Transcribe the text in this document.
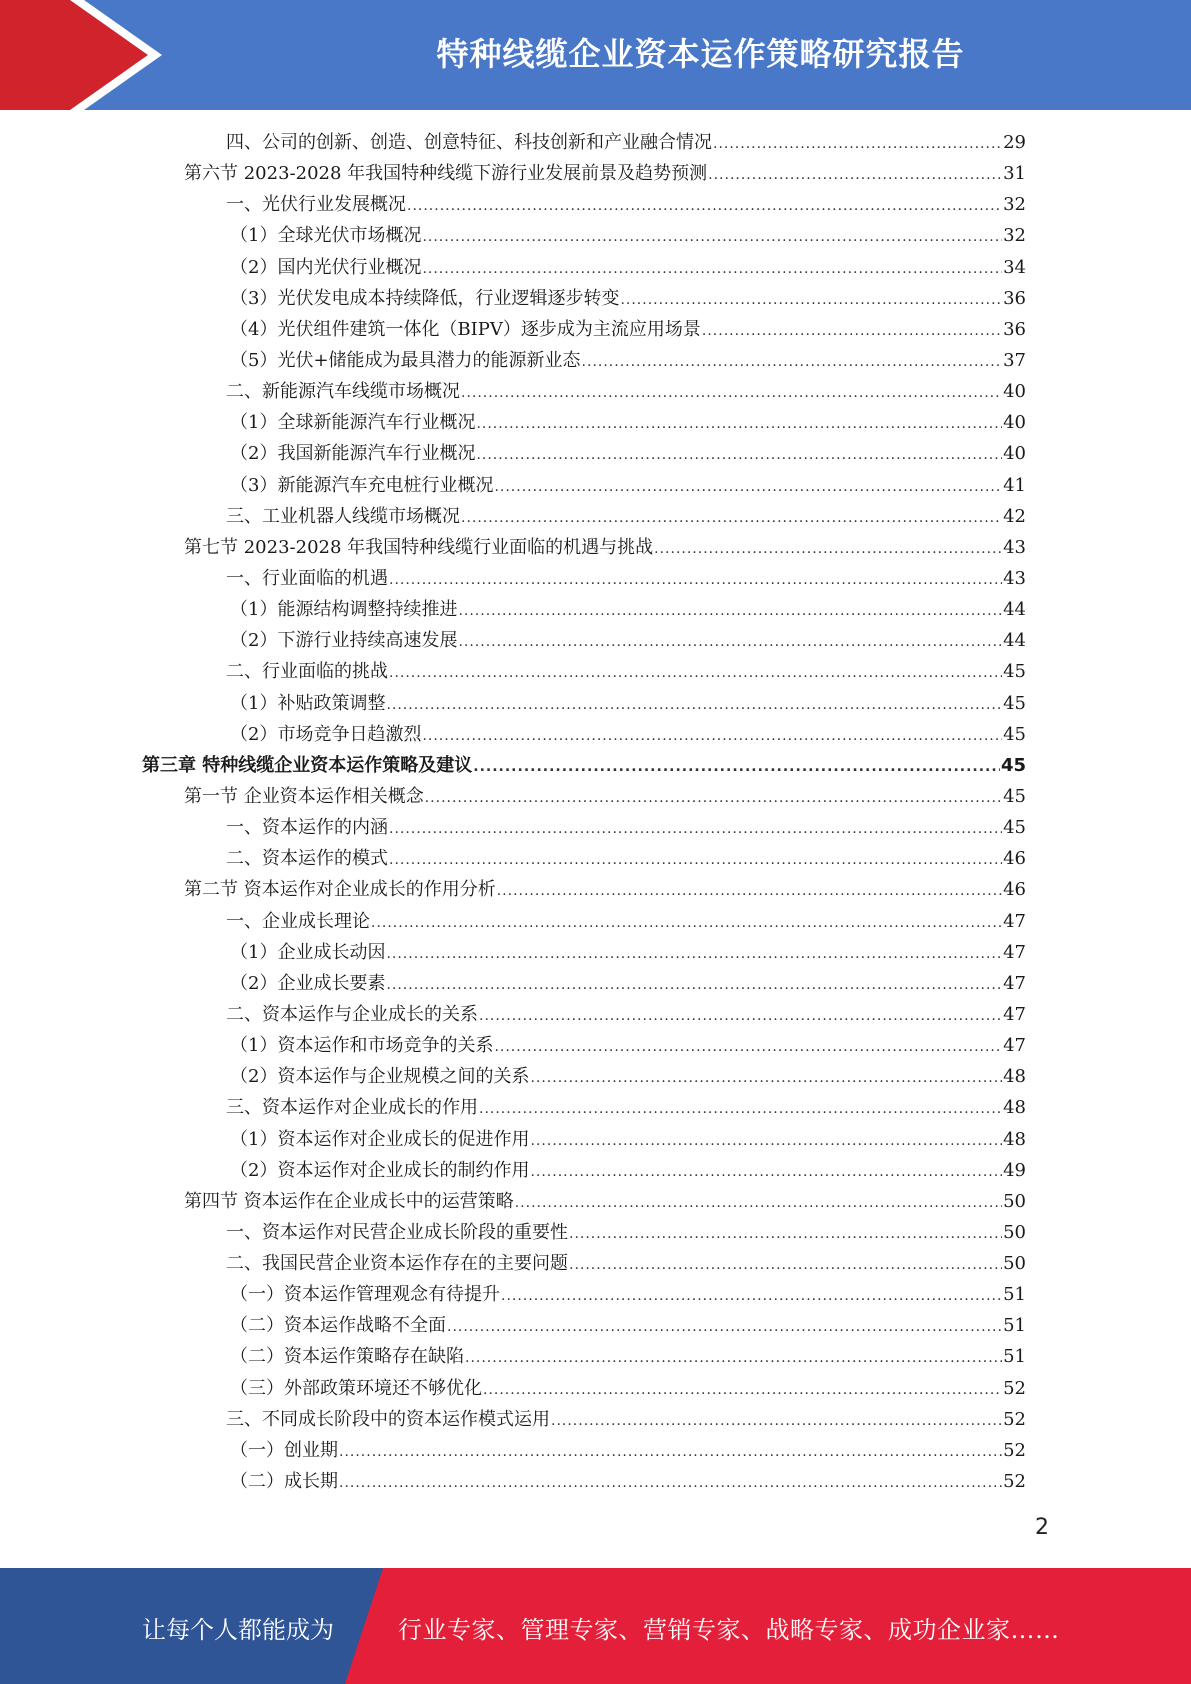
特种线缆企业资本运作策略研究报告
四、公司的创新、创造、创意特征、科技创新和产业融合情况 .....	29
第六节 2023-2028 年我国特种线缆下游行业发展前景及趋势预测 .....	31
一、光伏行业发展概况 .....	32
（1）全球光伏市场概况 .....	32
（2）国内光伏行业概况 .....	34
（3）光伏发电成本持续降低，行业逻辑逐步转变 .....	36
（4）光伏组件建筑一体化（BIPV）逐步成为主流应用场景 .....	36
（5）光伏+储能成为最具潜力的能源新业态 .....	37
二、新能源汽车线缆市场概况 .....	40
（1）全球新能源汽车行业概况 .....	40
（2）我国新能源汽车行业概况 .....	40
（3）新能源汽车充电桩行业概况 .....	41
三、工业机器人线缆市场概况 .....	42
第七节 2023-2028 年我国特种线缆行业面临的机遇与挑战 .....	43
一、行业面临的机遇 .....	43
（1）能源结构调整持续推进 .....	44
（2）下游行业持续高速发展 .....	44
二、行业面临的挑战 .....	45
（1）补贴政策调整 .....	45
（2）市场竞争日趋激烈 .....	45
第三章 特种线缆企业资本运作策略及建议 .....	45
第一节 企业资本运作相关概念 .....	45
一、资本运作的内涵 .....	45
二、资本运作的模式 .....	46
第二节 资本运作对企业成长的作用分析 .....	46
一、企业成长理论 .....	47
（1）企业成长动因 .....	47
（2）企业成长要素 .....	47
二、资本运作与企业成长的关系 .....	47
（1）资本运作和市场竞争的关系 .....	47
（2）资本运作与企业规模之间的关系 .....	48
三、资本运作对企业成长的作用 .....	48
（1）资本运作对企业成长的促进作用 .....	48
（2）资本运作对企业成长的制约作用 .....	49
第四节 资本运作在企业成长中的运营策略 .....	50
一、资本运作对民营企业成长阶段的重要性 .....	50
二、我国民营企业资本运作存在的主要问题 .....	50
（一）资本运作管理观念有待提升 .....	51
（二）资本运作战略不全面 .....	51
（二）资本运作策略存在缺陷 .....	51
（三）外部政策环境还不够优化 .....	52
三、不同成长阶段中的资本运作模式运用 .....	52
（一）创业期 .....	52
（二）成长期 .....	52
2
让每个人都能成为	行业专家、管理专家、营销专家、战略专家、成功企业家……
